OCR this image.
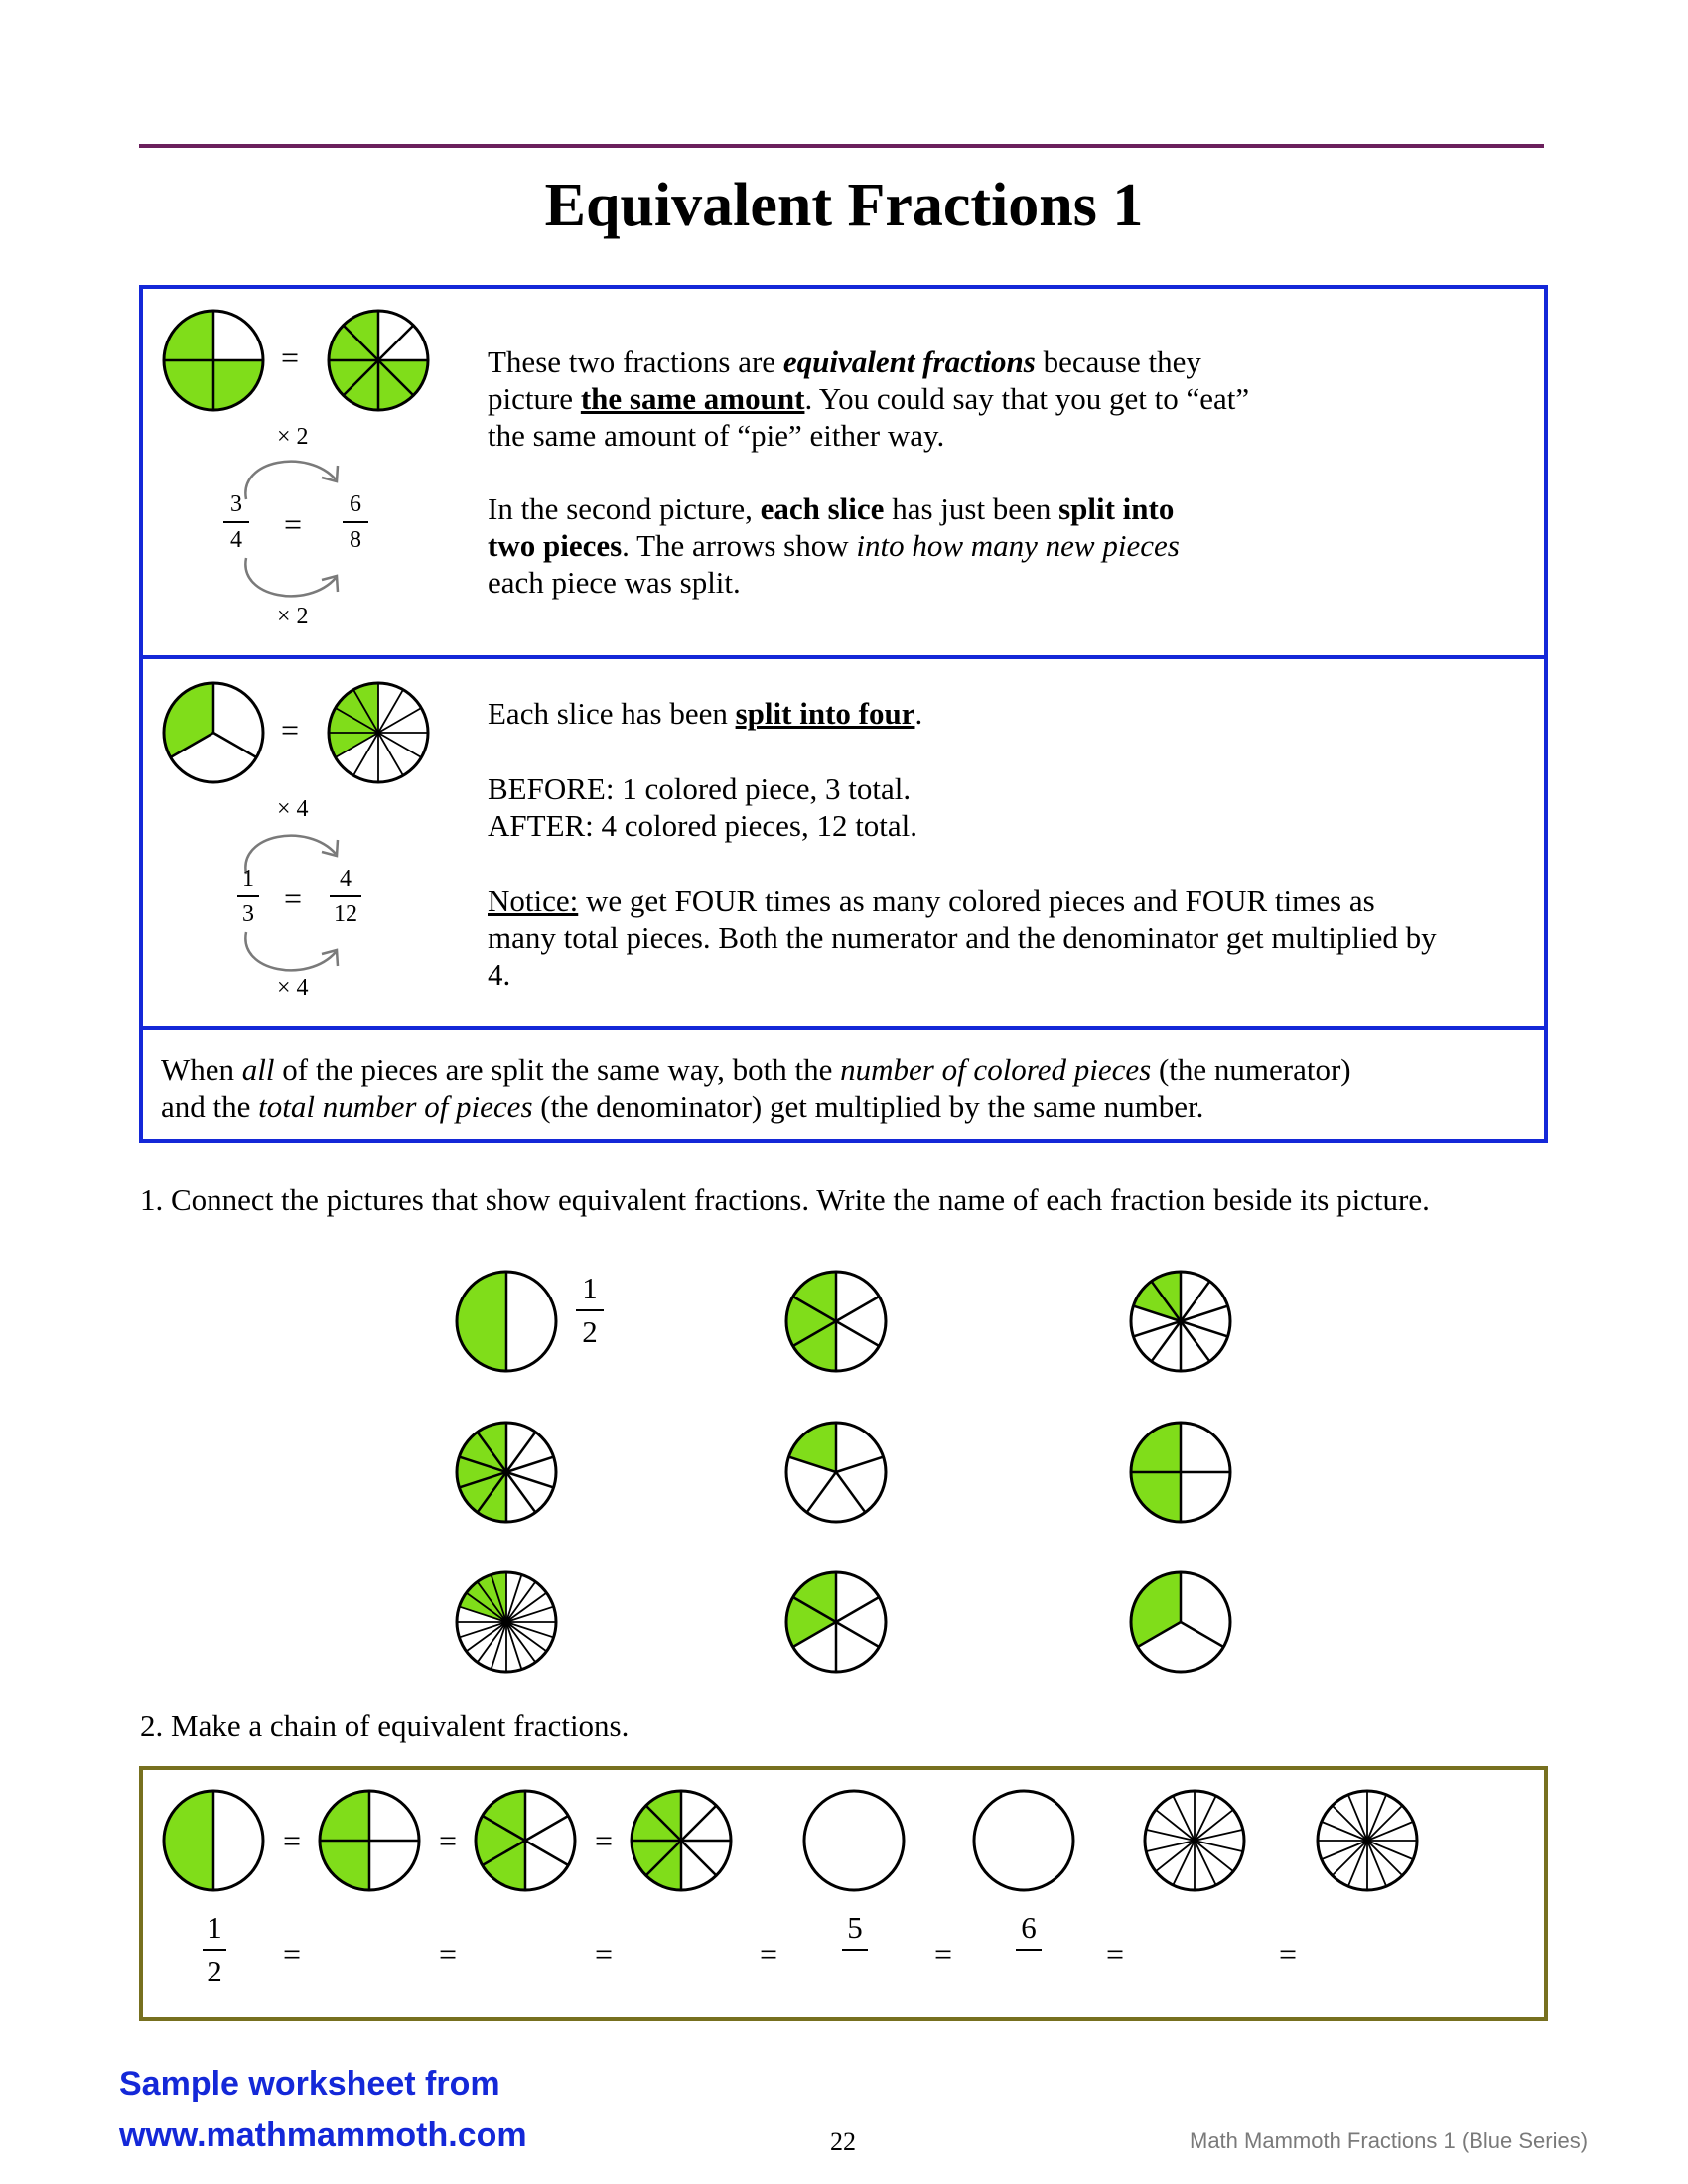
Equivalent Fractions 1
=
× 2
3
4 =
6
8
× 2
These two fractions are equivalent fractions because they
picture the same amount. You could say that you get to “eat”
the same amount of “pie” either way.
In the second picture, each slice has just been split into
two pieces. The arrows show into how many new pieces
each piece was split.
=
× 4
1
3 =
4
12
× 4
Each slice has been split into four.
BEFORE: 1 colored piece, 3 total.
AFTER: 4 colored pieces, 12 total.
Notice: we get FOUR times as many colored pieces and FOUR times as
many total pieces. Both the numerator and the denominator get multiplied by
4.
When all of the pieces are split the same way, both the number of colored pieces (the numerator)
and the total number of pieces (the denominator) get multiplied by the same number.
1. Connect the pictures that show equivalent fractions. Write the name of each fraction beside its picture.
1
2
2. Make a chain of equivalent fractions.
=	=	=
1
2 =	=	=	=
5
=
6
=	=
Sample worksheet from
www.mathmammoth.com	22	Math Mammoth Fractions 1 (Blue Series)
